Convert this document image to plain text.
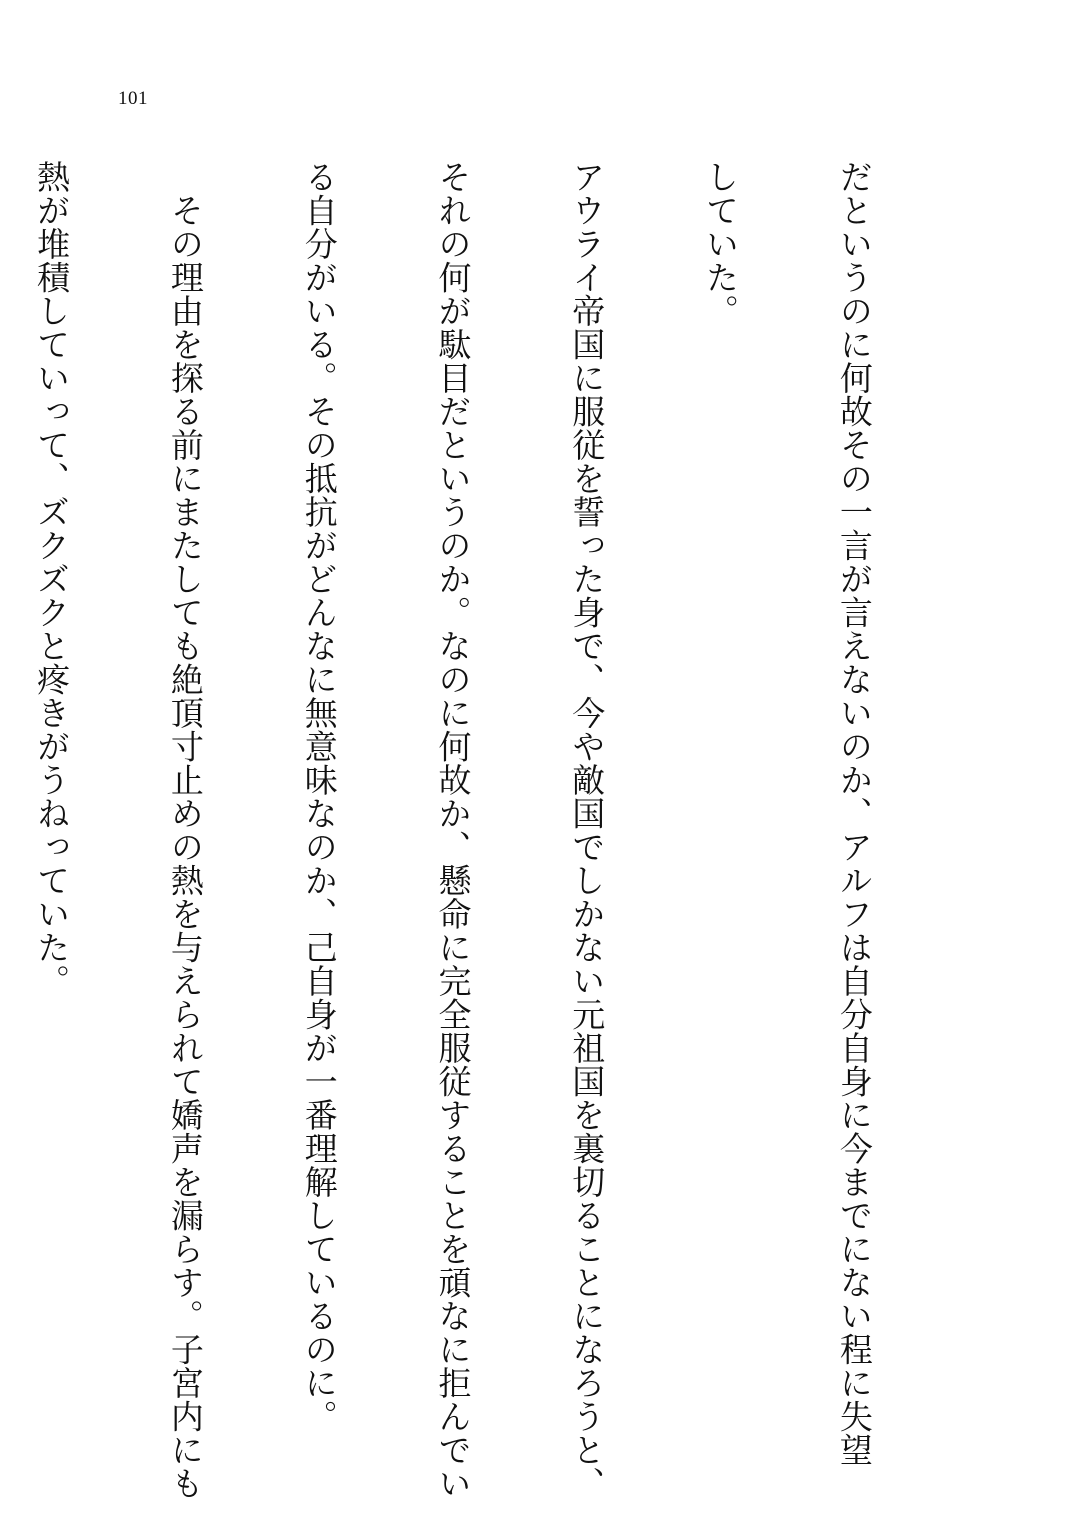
101

だというのに何故その一言が言えないのか、アルフは自分自身に今までにない程に失望

していた。

アウライ帝国に服従を誓った身で、今や敵国でしかない元祖国を裏切ることになろうと、

それの何が駄目だというのか。なのに何故か、懸命に完全服従することを頑なに拒んでい

る自分がいる。その抵抗がどんなに無意味なのか、己自身が一番理解しているのに。

　その理由を探る前にまたしても絶頂寸止めの熱を与えられて嬌声を漏らす。子宮内にも

熱が堆積していって、ズクズクと疼きがうねっていた。
